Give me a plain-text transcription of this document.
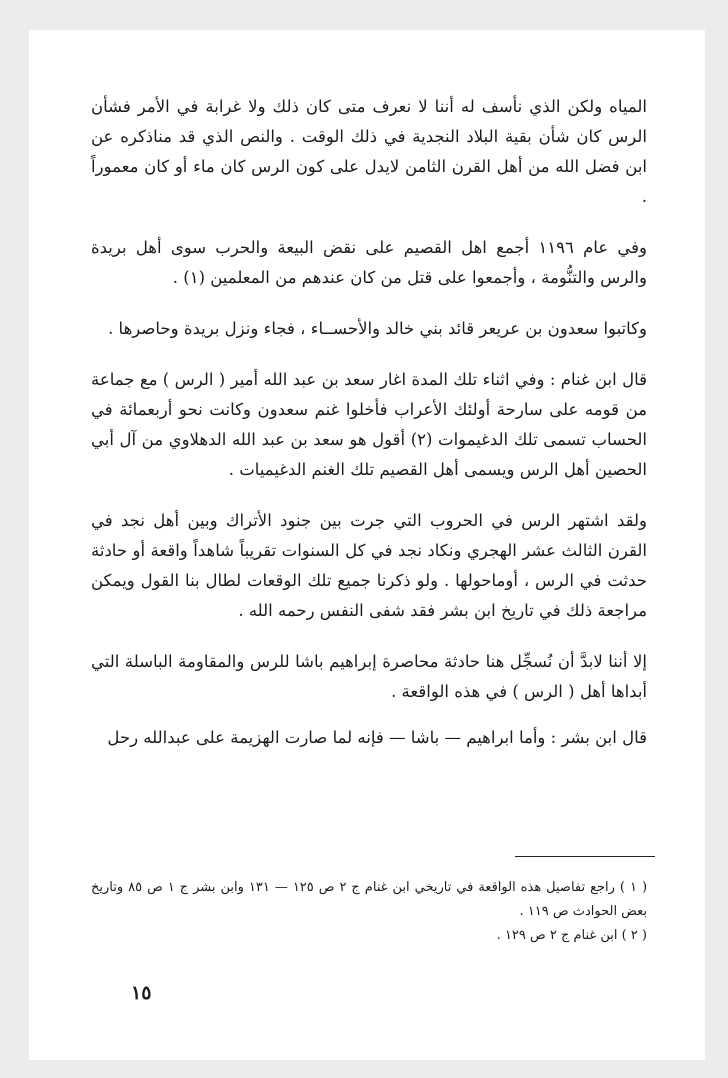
المياه ولكن الذي نأسف له أننا لا نعرف متى كان ذلك ولا غرابة في الأمر فشأن الرس كان شأن بقية البلاد النجدية في ذلك الوقت . والنص الذي قد مناذكره عن ابن فضل الله من أهل القرن الثامن لايدل على كون الرس كان ماء أو كان معموراً .

وفي عام ١١٩٦ أجمع اهل القصيم على نقض البيعة والحرب سوى أهل بريدة والرس والتنُّومة ، وأجمعوا على قتل من كان عندهم من المعلمين (١) .

وكاتبوا سعدون بن عريعر قائد بني خالد والأحســاء ، فجاء ونزل بريدة وحاصرها .

قال ابن غنام : وفي اثناء تلك المدة اغار سعد بن عبد الله أمير ( الرس ) مع جماعة من قومه على سارحة أولئك الأعراب فأخلوا غنم سعدون وكانت نحو أربعمائة في الحساب تسمى تلك الدغيموات (٢) أقول هو سعد بن عبد الله الدهلاوي من آل أبي الحصين أهل الرس ويسمى أهل القصيم تلك الغنم الدغيميات .

ولقد اشتهر الرس في الحروب التي جرت بين جنود الأتراك وبين أهل نجد في القرن الثالث عشر الهجري ونكاد نجد في كل السنوات تقريباً شاهداً واقعة أو حادثة حدثت في الرس ، أوماحولها . ولو ذكرنا جميع تلك الوقعات لطال بنا القول ويمكن مراجعة ذلك في تاريخ ابن بشر فقد شفى النفس رحمه الله .

إلا أننا لابدَّ أن نُسجِّل هنا حادثة محاصرة إبراهيم باشا للرس والمقاومة الباسلة التي أبداها أهل ( الرس ) في هذه الواقعة .

قال ابن بشر : وأما ابراهيم — باشا — فإنه لما صارت الهزيمة على عبدالله رحل

( ١ ) راجع تفاصيل هذه الواقعة في تاريخي ابن غنام ج ٢ ص ١٢٥ — ١٣١ وابن بشر ج ١ ص ٨٥ وتاريخ بعض الحوادث ص ١١٩ .

( ٢ ) ابن غنام ج ٢ ص ١٢٩ .

١٥
